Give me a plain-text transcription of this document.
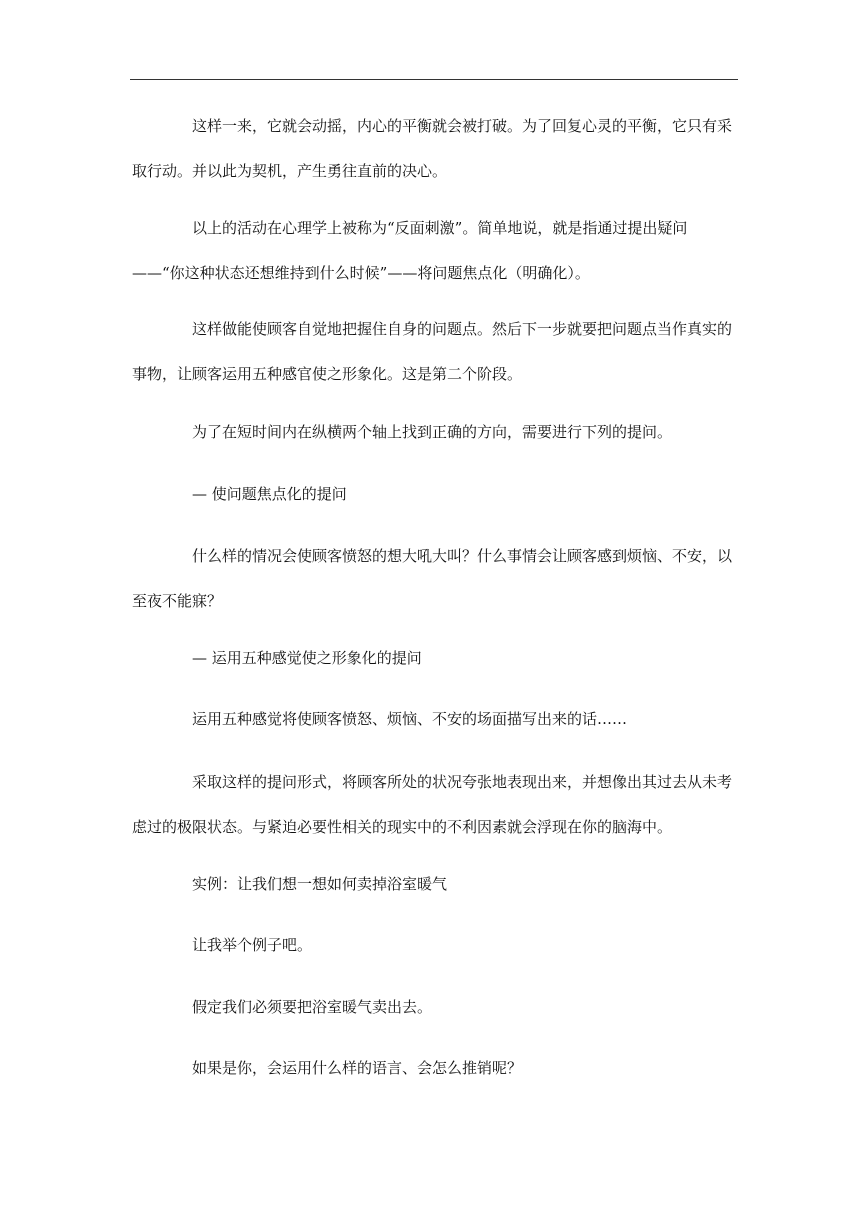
这样一来，它就会动摇，内心的平衡就会被打破。为了回复心灵的平衡，它只有采
取行动。并以此为契机，产生勇往直前的决心。
以上的活动在心理学上被称为“反面刺激”。简单地说，就是指通过提出疑问
——“你这种状态还想维持到什么时候”——将问题焦点化（明确化）。
这样做能使顾客自觉地把握住自身的问题点。然后下一步就要把问题点当作真实的
事物，让顾客运用五种感官使之形象化。这是第二个阶段。
为了在短时间内在纵横两个轴上找到正确的方向，需要进行下列的提问。
— 使问题焦点化的提问
什么样的情况会使顾客愤怒的想大吼大叫？什么事情会让顾客感到烦恼、不安，以
至夜不能寐？
— 运用五种感觉使之形象化的提问
运用五种感觉将使顾客愤怒、烦恼、不安的场面描写出来的话……
采取这样的提问形式，将顾客所处的状况夸张地表现出来，并想像出其过去从未考
虑过的极限状态。与紧迫必要性相关的现实中的不利因素就会浮现在你的脑海中。
实例：让我们想一想如何卖掉浴室暖气
让我举个例子吧。
假定我们必须要把浴室暖气卖出去。
如果是你，会运用什么样的语言、会怎么推销呢？
